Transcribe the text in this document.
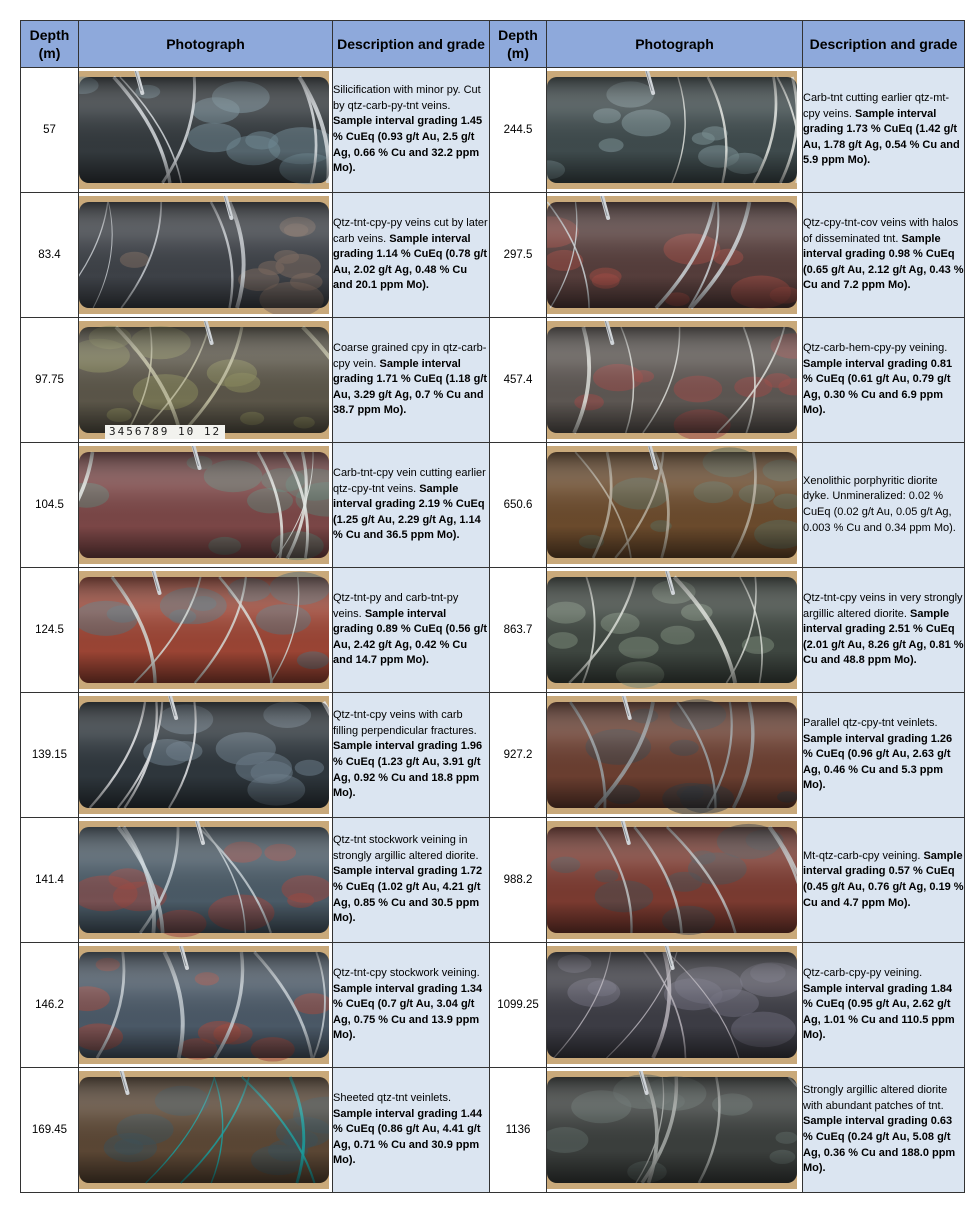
Depth (m)	Photograph	Description and grade	Depth (m)	Photograph	Description and grade
57		Silicification with minor py. Cut by qtz-carb-py-tnt veins. Sample interval grading 1.45 % CuEq (0.93 g/t Au, 2.5 g/t Ag, 0.66 % Cu and 32.2 ppm Mo).	244.5		Carb-tnt cutting earlier qtz-mt-cpy veins. Sample interval grading 1.73 % CuEq (1.42 g/t Au, 1.78 g/t Ag, 0.54 % Cu and 5.9 ppm Mo).
83.4		Qtz-tnt-cpy-py veins cut by later carb veins. Sample interval grading 1.14 % CuEq (0.78 g/t Au, 2.02 g/t Ag, 0.48 % Cu and 20.1 ppm Mo).	297.5		Qtz-cpy-tnt-cov veins with halos of disseminated tnt. Sample interval grading 0.98 % CuEq (0.65 g/t Au, 2.12 g/t Ag, 0.43 % Cu and 7.2 ppm Mo).
97.75	3456789 10 12	Coarse grained cpy in qtz-carb-cpy vein. Sample interval grading 1.71 % CuEq (1.18 g/t Au, 3.29 g/t Ag, 0.7 % Cu and 38.7 ppm Mo).	457.4		Qtz-carb-hem-cpy-py veining. Sample interval grading 0.81 % CuEq (0.61 g/t Au, 0.79 g/t Ag, 0.30 % Cu and 6.9 ppm Mo).
104.5		Carb-tnt-cpy vein cutting earlier qtz-cpy-tnt veins. Sample interval grading 2.19 % CuEq (1.25 g/t Au, 2.29 g/t Ag, 1.14 % Cu and 36.5 ppm Mo).	650.6		Xenolithic porphyritic diorite dyke. Unmineralized: 0.02 % CuEq (0.02 g/t Au, 0.05 g/t Ag, 0.003 % Cu and 0.34 ppm Mo).
124.5		Qtz-tnt-py and carb-tnt-py veins. Sample interval grading 0.89 % CuEq (0.56 g/t Au, 2.42 g/t Ag, 0.42 % Cu and 14.7 ppm Mo).	863.7		Qtz-tnt-cpy veins in very strongly argillic altered diorite. Sample interval grading 2.51 % CuEq (2.01 g/t Au, 8.26 g/t Ag, 0.81 % Cu and 48.8 ppm Mo).
139.15		Qtz-tnt-cpy veins with carb filling perpendicular fractures. Sample interval grading 1.96 % CuEq (1.23 g/t Au, 3.91 g/t Ag, 0.92 % Cu and 18.8 ppm Mo).	927.2		Parallel qtz-cpy-tnt veinlets. Sample interval grading 1.26 % CuEq (0.96 g/t Au, 2.63 g/t Ag, 0.46 % Cu and 5.3 ppm Mo).
141.4		Qtz-tnt stockwork veining in strongly argillic altered diorite. Sample interval grading 1.72 % CuEq (1.02 g/t Au, 4.21 g/t Ag, 0.85 % Cu and 30.5 ppm Mo).	988.2		Mt-qtz-carb-cpy veining. Sample interval grading 0.57 % CuEq (0.45 g/t Au, 0.76 g/t Ag, 0.19 % Cu and 4.7 ppm Mo).
146.2		Qtz-tnt-cpy stockwork veining. Sample interval grading 1.34 % CuEq (0.7 g/t Au, 3.04 g/t Ag, 0.75 % Cu and 13.9 ppm Mo).	1099.25		Qtz-carb-cpy-py veining. Sample interval grading 1.84 % CuEq (0.95 g/t Au, 2.62 g/t Ag, 1.01 % Cu and 110.5 ppm Mo).
169.45		Sheeted qtz-tnt veinlets. Sample interval grading 1.44 % CuEq (0.86 g/t Au, 4.41 g/t Ag, 0.71 % Cu and 30.9 ppm Mo).	1136		Strongly argillic altered diorite with abundant patches of tnt. Sample interval grading 0.63 % CuEq (0.24 g/t Au, 5.08 g/t Ag, 0.36 % Cu and 188.0 ppm Mo).
